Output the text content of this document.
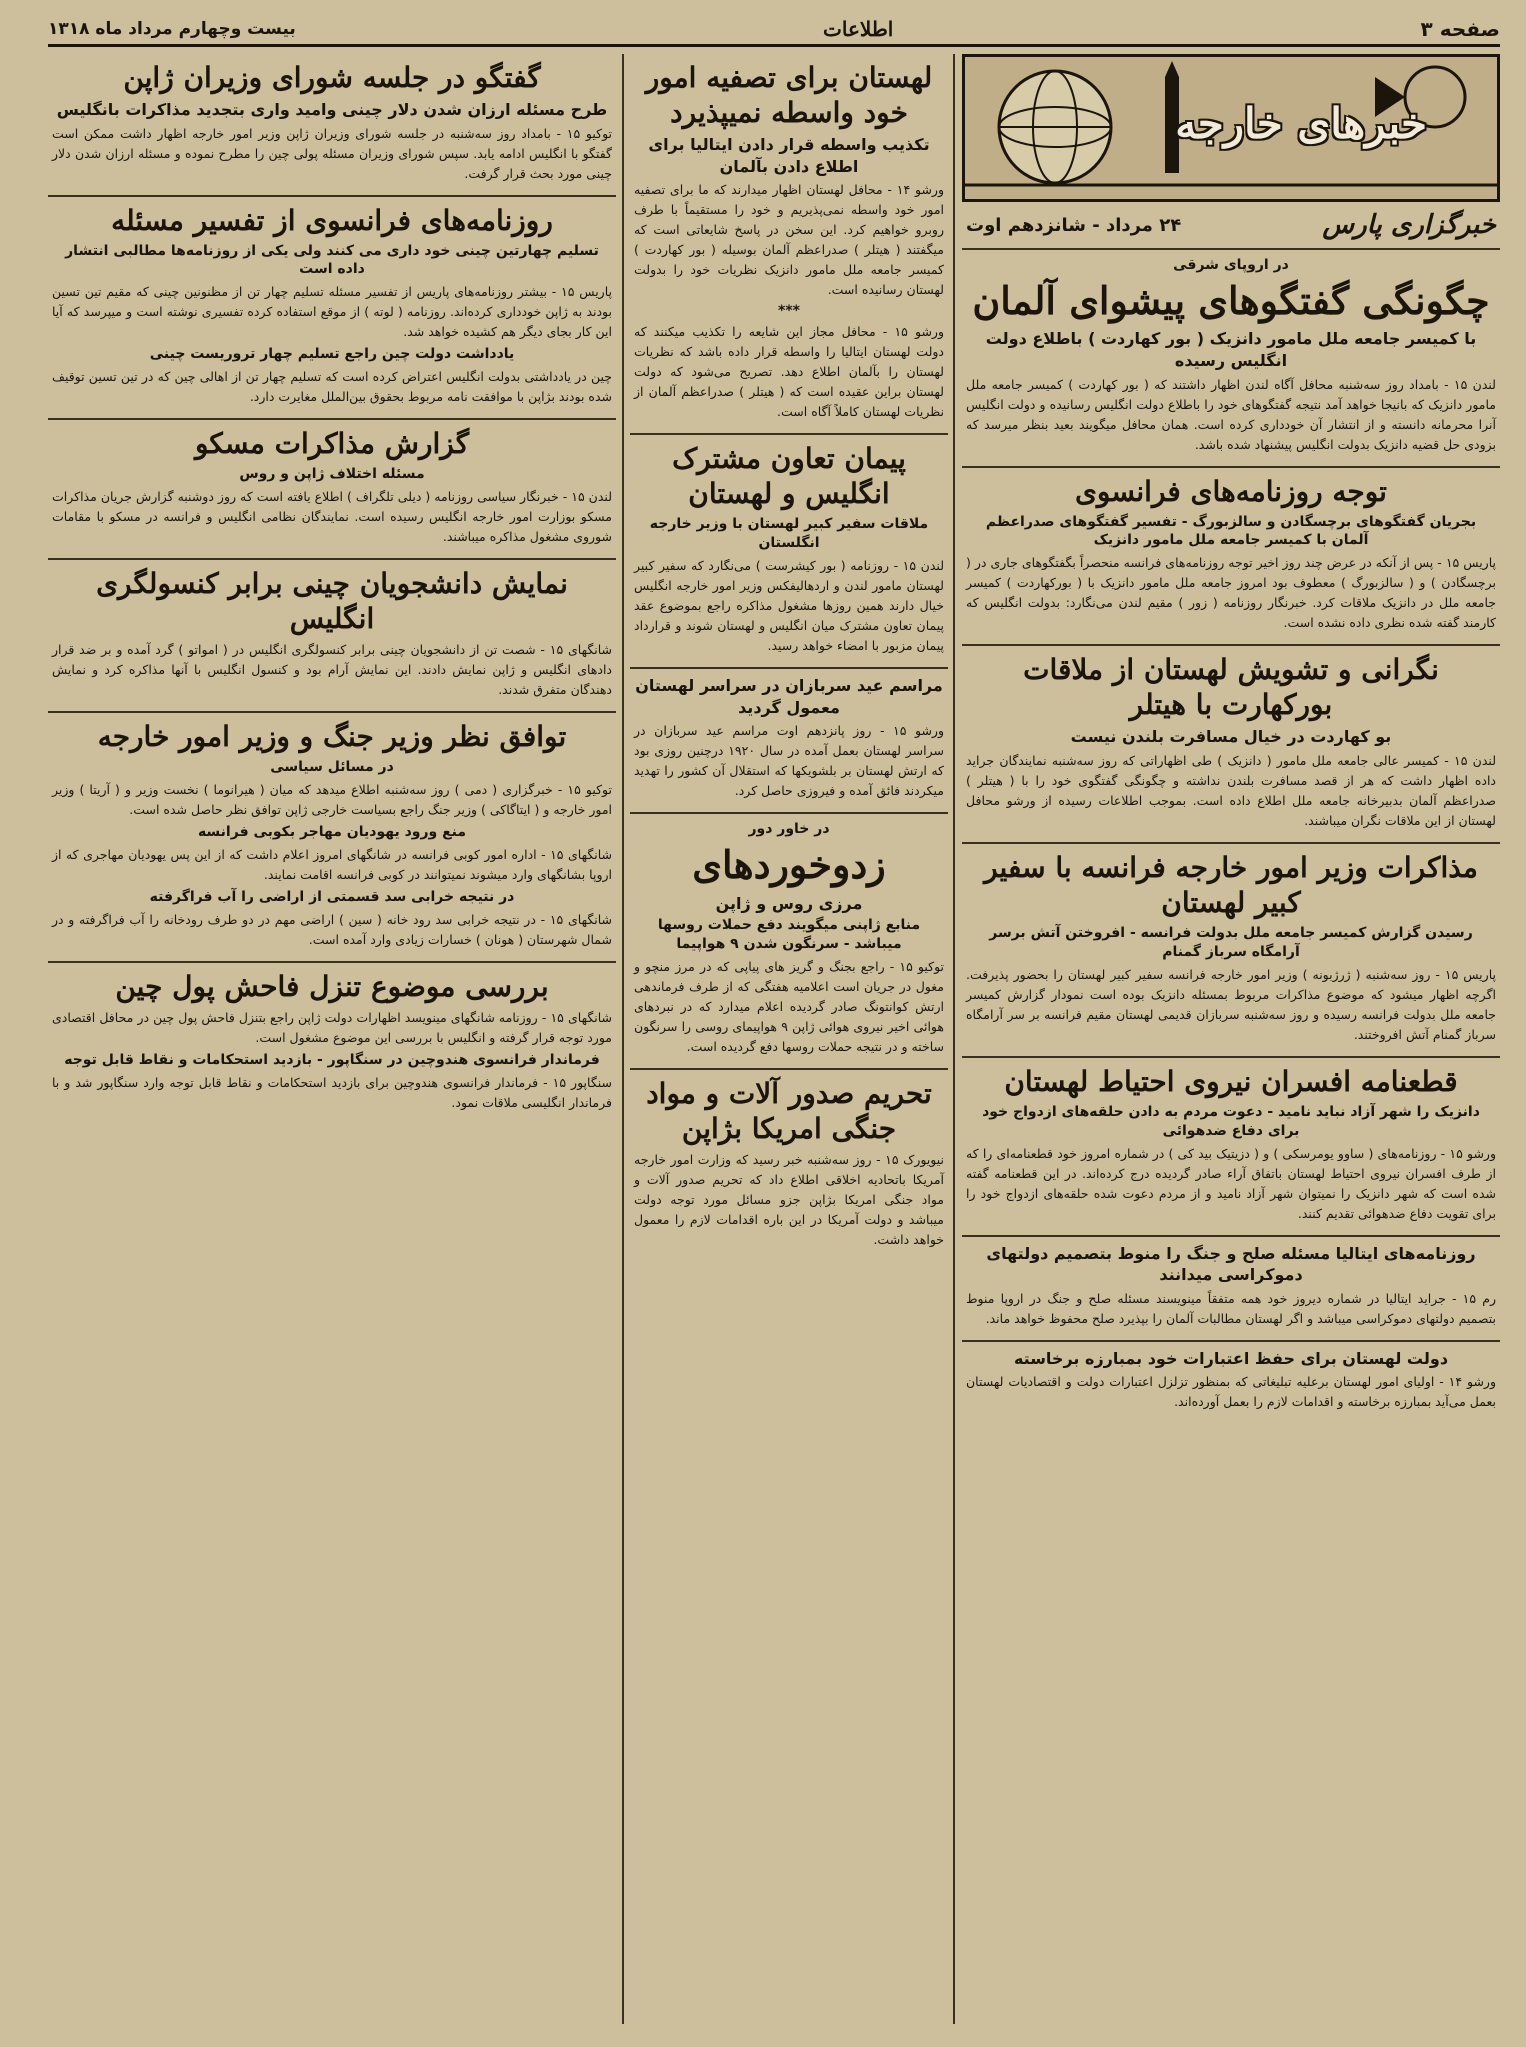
صفحه ۳
اطلاعات
بیست وچهارم مرداد ماه ۱۳۱۸
خبرهای خارجه
خبرگزاری پارس
۲۴ مرداد - شانزدهم اوت
در اروپای شرقی
چگونگی گفتگوهای پیشوای آلمان
با کمیسر جامعه ملل مامور دانزیک ( بور کهاردت ) باطلاع دولت انگلیس رسیده
لندن ۱۵ - بامداد روز سه‌شنبه محافل آگاه لندن اظهار داشتند که ( بور کهاردت ) کمیسر جامعه ملل مامور دانزیک که بانیجا خواهد آمد نتیجه گفتگوهای خود را باطلاع دولت انگلیس رسانیده و دولت انگلیس آنرا محرمانه دانسته و از انتشار آن خودداری کرده است. همان محافل میگویند بعید بنظر میرسد که بزودی حل قضیه دانزیک بدولت انگلیس پیشنهاد شده باشد.
توجه روزنامه‌های فرانسوی
بجریان گفتگوهای برچسگادن و سالزبورگ - تفسیر گفتگوهای صدراعظم آلمان با کمیسر جامعه ملل مامور دانزیک
پاریس ۱۵ - پس از آنکه در عرض چند روز اخیر توجه روزنامه‌های فرانسه منحصراً بگفتگوهای جاری در ( برچسگادن ) و ( سالزبورگ ) معطوف بود امروز جامعه ملل مامور دانزیک با ( بورکهاردت ) کمیسر جامعه ملل در دانزیک ملاقات کرد. خبرنگار روزنامه ( زور ) مقیم لندن می‌نگارد: بدولت انگلیس که کارمند گفته شده نظری داده نشده است.
نگرانی و تشویش لهستان از ملاقات بورکهارت با هیتلر
بو کهاردت در خیال مسافرت بلندن نیست
لندن ۱۵ - کمیسر عالی جامعه ملل مامور ( دانزیک ) طی اظهاراتی که روز سه‌شنبه نمایندگان جراید داده اظهار داشت که هر از قصد مسافرت بلندن نداشته و چگونگی گفتگوی خود را با ( هیتلر ) صدراعظم آلمان بدبیرخانه جامعه ملل اطلاع داده است. بموجب اطلاعات رسیده از ورشو محافل لهستان از این ملاقات نگران میباشند.
مذاکرات وزیر امور خارجه فرانسه با سفیر کبیر لهستان
رسیدن گزارش کمیسر جامعه ملل بدولت فرانسه - افروختن آتش برسر آرامگاه سرباز گمنام
پاریس ۱۵ - روز سه‌شنبه ( ژرژبونه ) وزیر امور خارجه فرانسه سفیر کبیر لهستان را بحضور پذیرفت. اگرچه اظهار میشود که موضوع مذاکرات مربوط بمسئله دانزیک بوده است نمودار گزارش کمیسر جامعه ملل بدولت فرانسه رسیده و روز سه‌شنبه سربازان قدیمی لهستان مقیم فرانسه بر سر آرامگاه سرباز گمنام آتش افروختند.
قطعنامه افسران نیروی احتیاط لهستان
دانزیک را شهر آزاد نباید نامید - دعوت مردم به دادن حلقه‌های ازدواج خود برای دفاع ضدهوائی
ورشو ۱۵ - روزنامه‌های ( ساوو یومرسکی ) و ( دزیتیک بید کی ) در شماره امروز خود قطعنامه‌ای را که از طرف افسران نیروی احتیاط لهستان باتفاق آراء صادر گردیده درج کرده‌اند. در این قطعنامه گفته شده است که شهر دانزیک را نمیتوان شهر آزاد نامید و از مردم دعوت شده حلقه‌های ازدواج خود را برای تقویت دفاع ضدهوائی تقدیم کنند.
روزنامه‌های ایتالیا مسئله صلح و جنگ را منوط بتصمیم دولتهای دموکراسی میدانند
رم ۱۵ - جراید ایتالیا در شماره دیروز خود همه متفقاً مینویسند مسئله صلح و جنگ در اروپا منوط بتصمیم دولتهای دموکراسی میباشد و اگر لهستان مطالبات آلمان را بپذیرد صلح محفوظ خواهد ماند.
دولت لهستان برای حفظ اعتبارات خود بمبارزه برخاسته
ورشو ۱۴ - اولیای امور لهستان برعلیه تبلیغاتی که بمنظور تزلزل اعتبارات دولت و اقتصادیات لهستان بعمل می‌آید بمبارزه برخاسته و اقدامات لازم را بعمل آورده‌اند.
لهستان برای تصفیه امور خود واسطه نمیپذیرد
تکذیب واسطه قرار دادن ایتالیا برای اطلاع دادن بآلمان
ورشو ۱۴ - محافل لهستان اظهار میدارند که ما برای تصفیه امور خود واسطه نمی‌پذیریم و خود را مستقیماً با طرف روبرو خواهیم کرد. این سخن در پاسخ شایعاتی است که میگفتند ( هیتلر ) صدراعظم آلمان بوسیله ( بور کهاردت ) کمیسر جامعه ملل مامور دانزیک نظریات خود را بدولت لهستان رسانیده است.
***
ورشو ۱۵ - محافل مجاز این شایعه را تکذیب میکنند که دولت لهستان ایتالیا را واسطه قرار داده باشد که نظریات لهستان را بآلمان اطلاع دهد. تصریح می‌شود که دولت لهستان براین عقیده است که ( هیتلر ) صدراعظم آلمان از نظریات لهستان کاملاً آگاه است.
پیمان تعاون مشترک انگلیس و لهستان
ملاقات سفیر کبیر لهستان با وزیر خارجه انگلستان
لندن ۱۵ - روزنامه ( بور کیشرست ) می‌نگارد که سفیر کبیر لهستان مامور لندن و اردهالیفکس وزیر امور خارجه انگلیس خیال دارند همین روزها مشغول مذاکره راجع بموضوع عقد پیمان تعاون مشترک میان انگلیس و لهستان شوند و قرارداد پیمان مزبور با امضاء خواهد رسید.
مراسم عید سربازان در سراسر لهستان معمول گردید
ورشو ۱۵ - روز پانزدهم اوت مراسم عید سربازان در سراسر لهستان بعمل آمده در سال ۱۹۲۰ درچنین روزی بود که ارتش لهستان بر بلشویکها که استقلال آن کشور را تهدید میکردند فائق آمده و فیروزی حاصل کرد.
در خاور دور
زدوخوردهای
مرزی روس و ژاپن
منابع ژاپنی میگویند دفع حملات روسها میباشد - سرنگون شدن ۹ هواپیما
توکیو ۱۵ - راجع بجنگ و گریز های پیاپی که در مرز منچو و مغول در جریان است اعلامیه هفتگی که از طرف فرماندهی ارتش کوانتونگ صادر گردیده اعلام میدارد که در نبردهای هوائی اخیر نیروی هوائی ژاپن ۹ هواپیمای روسی را سرنگون ساخته و در نتیجه حملات روسها دفع گردیده است.
تحریم صدور آلات و مواد جنگی امریکا بژاپن
نیویورک ۱۵ - روز سه‌شنبه خبر رسید که وزارت امور خارجه آمریکا باتحادیه اخلاقی اطلاع داد که تحریم صدور آلات و مواد جنگی امریکا بژاپن جزو مسائل مورد توجه دولت میباشد و دولت آمریکا در این باره اقدامات لازم را معمول خواهد داشت.
گفتگو در جلسه شورای وزیران ژاپن
طرح مسئله ارزان شدن دلار چینی وامید واری بتجدید مذاکرات بانگلیس
توکیو ۱۵ - بامداد روز سه‌شنبه در جلسه شورای وزیران ژاپن وزیر امور خارجه اظهار داشت ممکن است گفتگو با انگلیس ادامه یابد. سپس شورای وزیران مسئله پولی چین را مطرح نموده و مسئله ارزان شدن دلار چینی مورد بحث قرار گرفت.
روزنامه‌های فرانسوی از تفسیر مسئله
تسلیم چهارتین چینی خود داری می کنند ولی یکی از روزنامه‌ها مطالبی انتشار داده است
پاریس ۱۵ - بیشتر روزنامه‌های پاریس از تفسیر مسئله تسلیم چهار تن از مظنونین چینی که مقیم تین تسین بودند به ژاپن خودداری کرده‌اند. روزنامه ( لوته ) از موقع استفاده کرده تفسیری نوشته است و میپرسد که آیا این کار بجای دیگر هم کشیده خواهد شد.
یادداشت دولت چین راجع تسلیم چهار تروریست چینی
چین در یادداشتی بدولت انگلیس اعتراض کرده است که تسلیم چهار تن از اهالی چین که در تین تسین توقیف شده بودند بژاپن با موافقت نامه مربوط بحقوق بین‌الملل مغایرت دارد.
گزارش مذاکرات مسکو
مسئله اختلاف ژاپن و روس
لندن ۱۵ - خبرنگار سیاسی روزنامه ( دیلی تلگراف ) اطلاع یافته است که روز دوشنبه گزارش جریان مذاکرات مسکو بوزارت امور خارجه انگلیس رسیده است. نمایندگان نظامی انگلیس و فرانسه در مسکو با مقامات شوروی مشغول مذاکره میباشند.
نمایش دانشجویان چینی برابر کنسولگری انگلیس
شانگهای ۱۵ - شصت تن از دانشجویان چینی برابر کنسولگری انگلیس در ( امواتو ) گرد آمده و بر ضد قرار دادهای انگلیس و ژاپن نمایش دادند. این نمایش آرام بود و کنسول انگلیس با آنها مذاکره کرد و نمایش دهندگان متفرق شدند.
توافق نظر وزیر جنگ و وزیر امور خارجه
در مسائل سیاسی
توکیو ۱۵ - خبرگزاری ( دمی ) روز سه‌شنبه اطلاع میدهد که میان ( هیرانوما ) نخست وزیر و ( آریتا ) وزیر امور خارجه و ( ایتاگاکی ) وزیر جنگ راجع بسیاست خارجی ژاپن توافق نظر حاصل شده است.
منع ورود یهودیان مهاجر بکوبی فرانسه
شانگهای ۱۵ - اداره امور کوبی فرانسه در شانگهای امروز اعلام داشت که از این پس یهودیان مهاجری که از اروپا بشانگهای وارد میشوند نمیتوانند در کوبی فرانسه اقامت نمایند.
در نتیجه خرابی سد قسمتی از اراضی را آب فراگرفته
شانگهای ۱۵ - در نتیجه خرابی سد رود خانه ( سین ) اراضی مهم در دو طرف رودخانه را آب فراگرفته و در شمال شهرستان ( هونان ) خسارات زیادی وارد آمده است.
بررسی موضوع تنزل فاحش پول چین
شانگهای ۱۵ - روزنامه شانگهای مینویسد اظهارات دولت ژاپن راجع بتنزل فاحش پول چین در محافل اقتصادی مورد توجه قرار گرفته و انگلیس با بررسی این موضوع مشغول است.
فرماندار فرانسوی هندوچین در سنگاپور - بازدید استحکامات و نقاط قابل توجه
سنگاپور ۱۵ - فرماندار فرانسوی هندوچین برای بازدید استحکامات و نقاط قابل توجه وارد سنگاپور شد و با فرماندار انگلیسی ملاقات نمود.
